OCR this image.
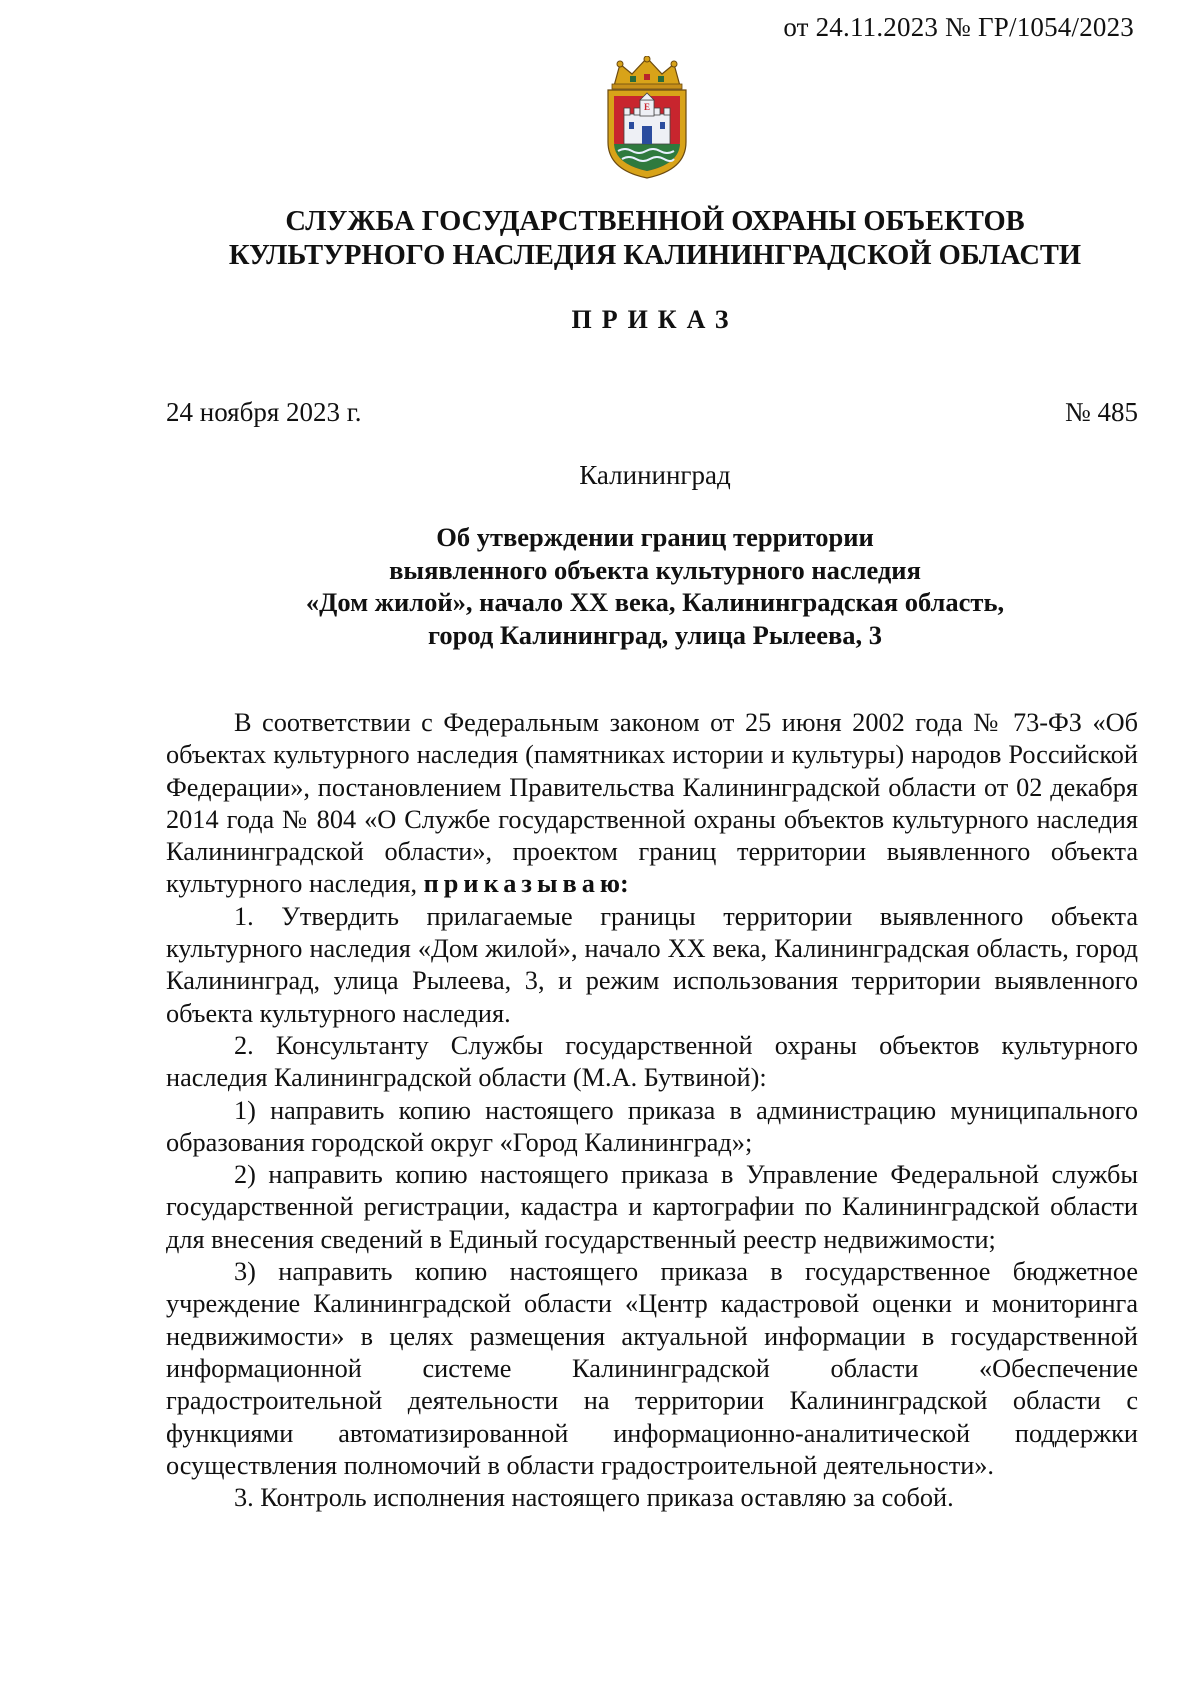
от 24.11.2023 № ГР/1054/2023
Е
СЛУЖБА ГОСУДАРСТВЕННОЙ ОХРАНЫ ОБЪЕКТОВ
КУЛЬТУРНОГО НАСЛЕДИЯ КАЛИНИНГРАДСКОЙ ОБЛАСТИ
ПРИКАЗ
24 ноября 2023 г.	№ 485
Калининград
Об утверждении границ территории
выявленного объекта культурного наследия
«Дом жилой», начало XX века, Калининградская область,
город Калининград, улица Рылеева, 3

В соответствии с Федеральным законом от 25 июня 2002 года № 73-ФЗ «Об объектах культурного наследия (памятниках истории и культуры) народов Российской Федерации», постановлением Правительства Калининградской области от 02 декабря 2014 года № 804 «О Службе государственной охраны объектов культурного наследия Калининградской области», проектом границ территории выявленного объекта культурного наследия, приказываю:

1. Утвердить прилагаемые границы территории выявленного объекта культурного наследия «Дом жилой», начало XX века, Калининградская область, город Калининград, улица Рылеева, 3, и режим использования территории выявленного объекта культурного наследия.

2. Консультанту Службы государственной охраны объектов культурного наследия Калининградской области (М.А. Бутвиной):

1) направить копию настоящего приказа в администрацию муниципального образования городской округ «Город Калининград»;

2) направить копию настоящего приказа в Управление Федеральной службы государственной регистрации, кадастра и картографии по Калининградской области для внесения сведений в Единый государственный реестр недвижимости;

3) направить копию настоящего приказа в государственное бюджетное учреждение Калининградской области «Центр кадастровой оценки и мониторинга недвижимости» в целях размещения актуальной информации в государственной информационной системе Калининградской области «Обеспечение градостроительной деятельности на территории Калининградской области с функциями автоматизированной информационно-аналитической поддержки осуществления полномочий в области градостроительной деятельности».

3. Контроль исполнения настоящего приказа оставляю за собой.
